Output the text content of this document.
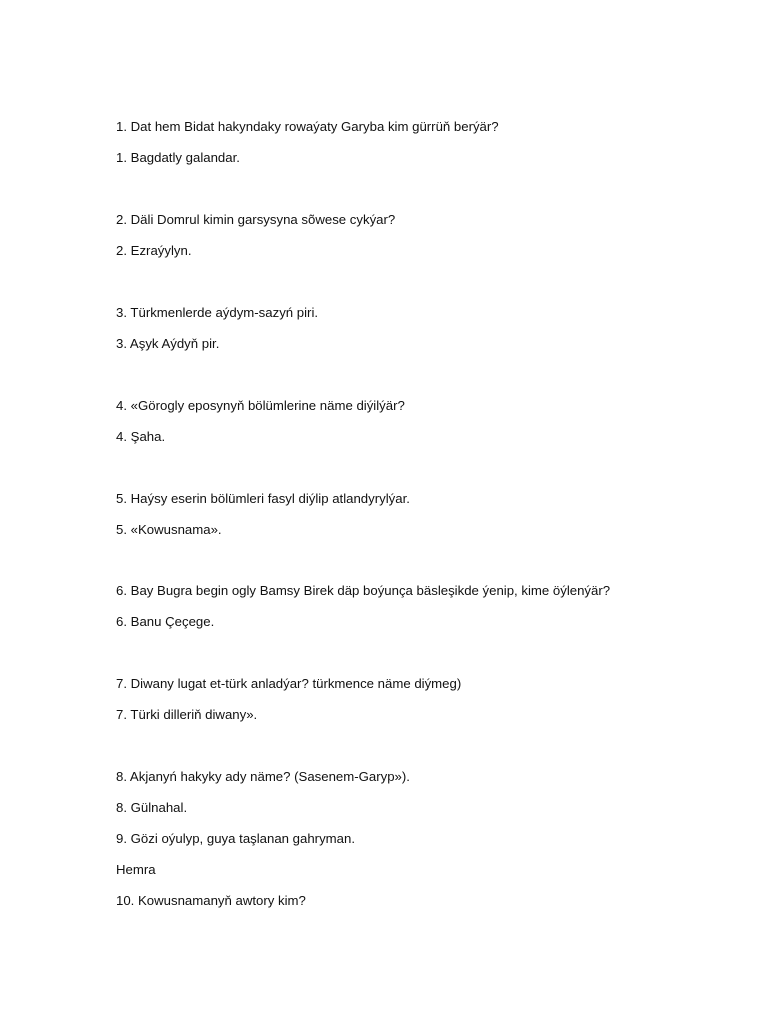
1. Dat hem Bidat hakyndaky rowaýaty Garyba kim gürrüň berýär?

1. Bagdatly galandar.

2. Däli Domrul kimin garsysyna sõwese cykýar?

2. Ezraýylyn.

3. Türkmenlerde aýdym-sazyń piri.

3. Aşyk Aýdyň pir.

4. «Görogly eposynyň bölümlerine näme diýilýär?

4. Şaha.

5. Haýsy eserin bölümleri fasyl diýlip atlandyrylýar.

5. «Kowusnama».

6. Bay Bugra begin ogly Bamsy Birek däp boýunça bäsleşikde ýenip, kime öýlenýär?

6. Banu Çeçege.

7. Diwany lugat et-türk anladýar? türkmence näme diýmeg)

7. Türki dilleriň diwany».

8. Akjanyń hakyky ady näme? (Sasenem-Garyp»).

8. Gülnahal.

9. Gözi oýulyp, guya taşlanan gahryman.

Hemra

10. Kowusnamanyň awtory kim?
